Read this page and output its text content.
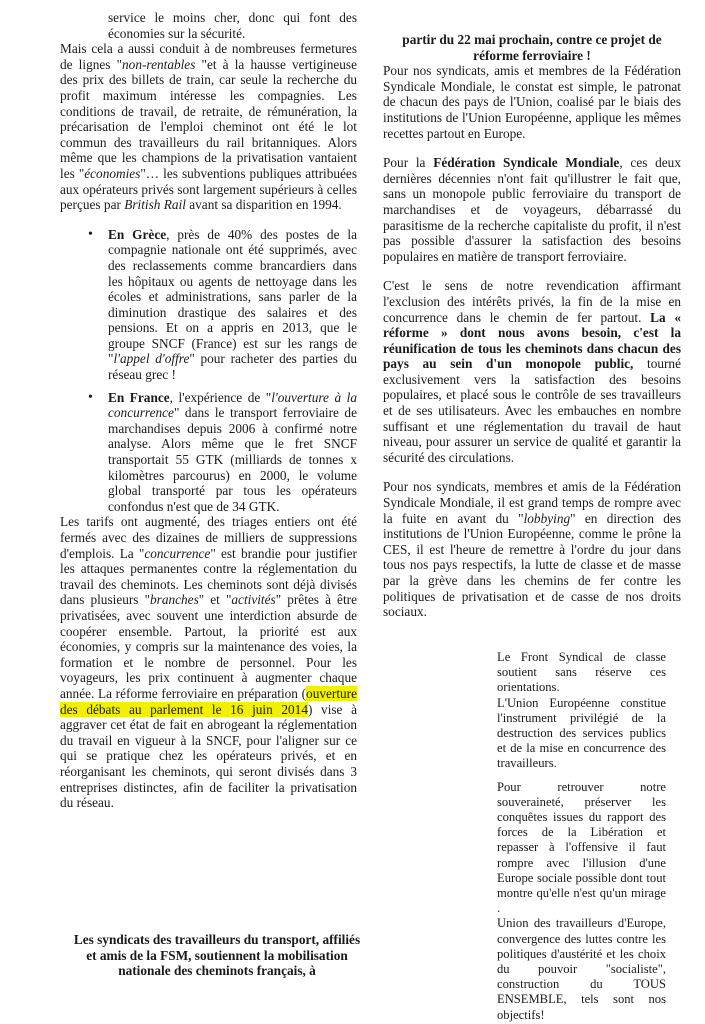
service le moins cher, donc qui font des économies sur la sécurité.

Mais cela a aussi conduit à de nombreuses fermetures de lignes "non-rentables "et à la hausse vertigineuse des prix des billets de train, car seule la recherche du profit maximum intéresse les compagnies. Les conditions de travail, de retraite, de rémunération, la précarisation de l'emploi cheminot ont été le lot commun des travailleurs du rail britanniques. Alors même que les champions de la privatisation vantaient les "économies"… les subventions publiques attribuées aux opérateurs privés sont largement supérieurs à celles perçues par British Rail avant sa disparition en 1994.

• En Grèce, près de 40% des postes de la compagnie nationale ont été supprimés, avec des reclassements comme brancardiers dans les hôpitaux ou agents de nettoyage dans les écoles et administrations, sans parler de la diminution drastique des salaires et des pensions. Et on a appris en 2013, que le groupe SNCF (France) est sur les rangs de "l'appel d'offre" pour racheter des parties du réseau grec !
• En France, l'expérience de "l'ouverture à la concurrence" dans le transport ferroviaire de marchandises depuis 2006 à confirmé notre analyse. Alors même que le fret SNCF transportait 55 GTK (milliards de tonnes x kilomètres parcourus) en 2000, le volume global transporté par tous les opérateurs confondus n'est que de 34 GTK.

Les tarifs ont augmenté, des triages entiers ont été fermés avec des dizaines de milliers de suppressions d'emplois. La "concurrence" est brandie pour justifier les attaques permanentes contre la réglementation du travail des cheminots. Les cheminots sont déjà divisés dans plusieurs "branches" et "activités" prêtes à être privatisées, avec souvent une interdiction absurde de coopérer ensemble. Partout, la priorité est aux économies, y compris sur la maintenance des voies, la formation et le nombre de personnel. Pour les voyageurs, les prix continuent à augmenter chaque année. La réforme ferroviaire en préparation (ouverture des débats au parlement le 16 juin 2014) vise à aggraver cet état de fait en abrogeant la réglementation du travail en vigueur à la SNCF, pour l'aligner sur ce qui se pratique chez les opérateurs privés, et en réorganisant les cheminots, qui seront divisés dans 3 entreprises distinctes, afin de faciliter la privatisation du réseau.

Les syndicats des travailleurs du transport, affiliés et amis de la FSM, soutiennent la mobilisation nationale des cheminots français, à

partir du 22 mai prochain, contre ce projet de réforme ferroviaire !

Pour nos syndicats, amis et membres de la Fédération Syndicale Mondiale, le constat est simple, le patronat de chacun des pays de l'Union, coalisé par le biais des institutions de l'Union Européenne, applique les mêmes recettes partout en Europe.

Pour la Fédération Syndicale Mondiale, ces deux dernières décennies n'ont fait qu'illustrer le fait que, sans un monopole public ferroviaire du transport de marchandises et de voyageurs, débarrassé du parasitisme de la recherche capitaliste du profit, il n'est pas possible d'assurer la satisfaction des besoins populaires en matière de transport ferroviaire.

C'est le sens de notre revendication affirmant l'exclusion des intérêts privés, la fin de la mise en concurrence dans le chemin de fer partout. La « réforme » dont nous avons besoin, c'est la réunification de tous les cheminots dans chacun des pays au sein d'un monopole public, tourné exclusivement vers la satisfaction des besoins populaires, et placé sous le contrôle de ses travailleurs et de ses utilisateurs. Avec les embauches en nombre suffisant et une réglementation du travail de haut niveau, pour assurer un service de qualité et garantir la sécurité des circulations.

Pour nos syndicats, membres et amis de la Fédération Syndicale Mondiale, il est grand temps de rompre avec la fuite en avant du "lobbying" en direction des institutions de l'Union Européenne, comme le prône la CES, il est l'heure de remettre à l'ordre du jour dans tous nos pays respectifs, la lutte de classe et de masse par la grève dans les chemins de fer contre les politiques de privatisation et de casse de nos droits sociaux.

Le Front Syndical de classe soutient sans réserve ces orientations.

L'Union Européenne constitue l'instrument privilégié de la destruction des services publics et de la mise en concurrence des travailleurs.

Pour retrouver notre souveraineté, préserver les conquêtes issues du rapport des forces de la Libération et repasser à l'offensive il faut rompre avec l'illusion d'une Europe sociale possible dont tout montre qu'elle n'est qu'un mirage .

Union des travailleurs d'Europe, convergence des luttes contre les politiques d'austérité et les choix du pouvoir "socialiste", construction du TOUS ENSEMBLE, tels sont nos objectifs!
